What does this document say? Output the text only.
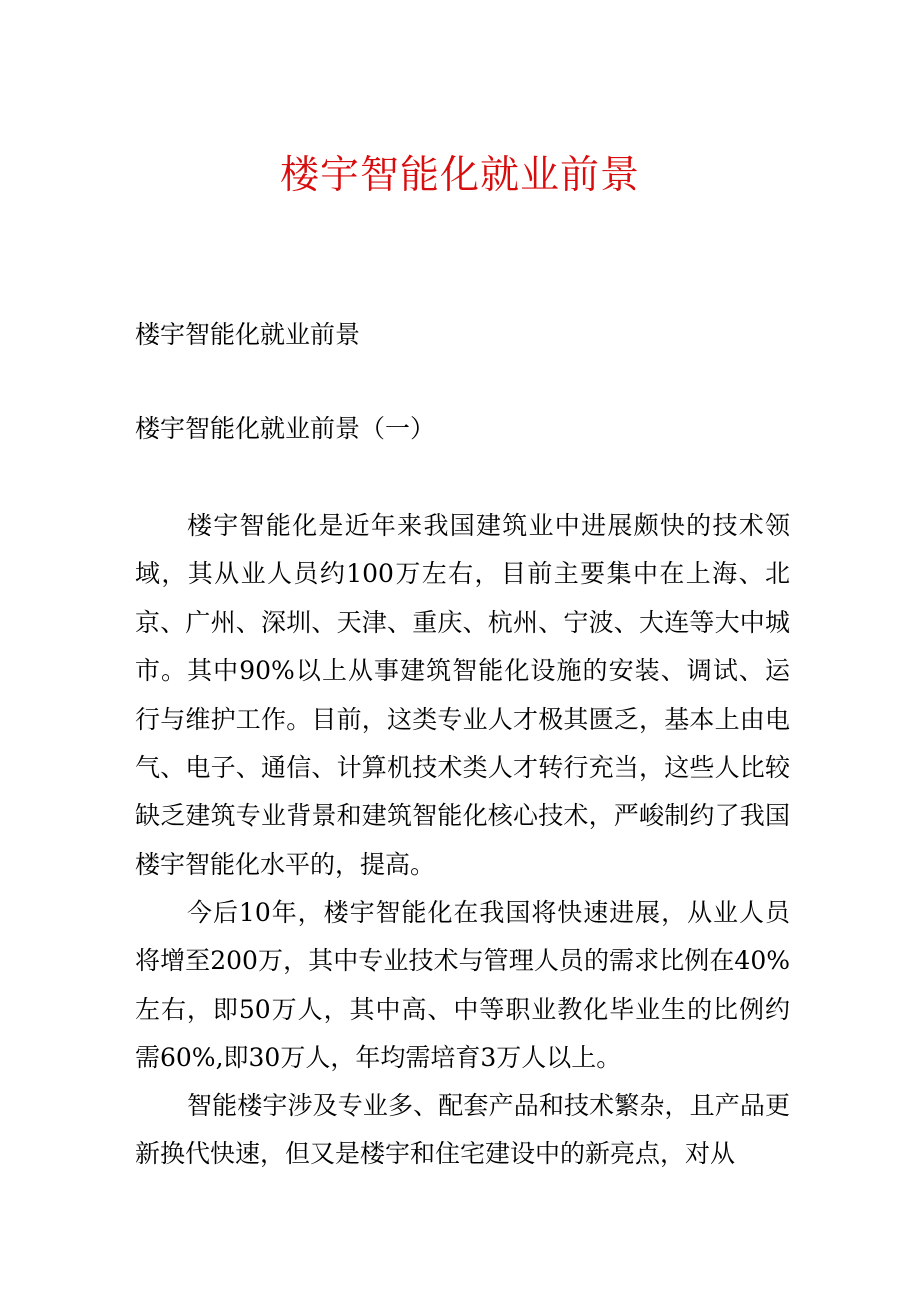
楼宇智能化就业前景

楼宇智能化就业前景

楼宇智能化就业前景（一）

楼宇智能化是近年来我国建筑业中进展颇快的技术领域，其从业人员约100万左右，目前主要集中在上海、北京、广州、深圳、天津、重庆、杭州、宁波、大连等大中城市。其中90%以上从事建筑智能化设施的安装、调试、运行与维护工作。目前，这类专业人才极其匮乏，基本上由电气、电子、通信、计算机技术类人才转行充当，这些人比较缺乏建筑专业背景和建筑智能化核心技术，严峻制约了我国楼宇智能化水平的，提高。

今后10年，楼宇智能化在我国将快速进展，从业人员将增至200万，其中专业技术与管理人员的需求比例在40%左右，即50万人，其中高、中等职业教化毕业生的比例约需60%,即30万人，年均需培育3万人以上。

智能楼宇涉及专业多、配套产品和技术繁杂，且产品更新换代快速，但又是楼宇和住宅建设中的新亮点，对从
